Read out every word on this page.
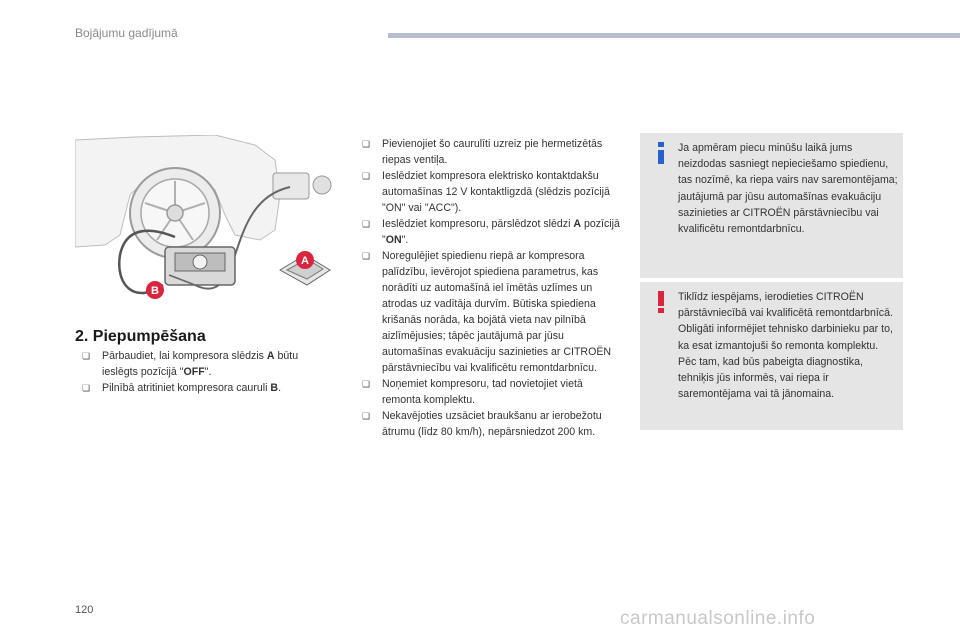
Bojājumu gadījumā
A
B
2. Piepumpēšana
❏ Pārbaudiet, lai kompresora slēdzis A būtu ieslēgts pozīcijā "OFF".
❏ Pilnībā atritiniet kompresora cauruli B.
❏ Pievienojiet šo caurulīti uzreiz pie hermetizētās riepas ventiļa.
❏ Ieslēdziet kompresora elektrisko kontaktdakšu automašīnas 12 V kontaktligzdā (slēdzis pozīcijā "ON" vai "ACC").
❏ Ieslēdziet kompresoru, pārslēdzot slēdzi A pozīcijā "ON".
❏ Noregulējiet spiedienu riepā ar kompresora palīdzību, ievērojot spiediena parametrus, kas norādīti uz automašīnā iel īmētās uzlīmes un atrodas uz vadītāja durvīm. Būtiska spiediena krišanās norāda, ka bojātā vieta nav pilnībā aizlīmējusies; tāpēc jautājumā par jūsu automašīnas evakuāciju sazinieties ar CITROËN pārstāvniecību vai kvalificētu remontdarbnīcu.
❏ Noņemiet kompresoru, tad novietojiet vietā remonta komplektu.
❏ Nekavējoties uzsāciet braukšanu ar ierobežotu ātrumu (līdz 80 km/h), nepārsniedzot 200 km.
Ja apmēram piecu minūšu laikā jums neizdodas sasniegt nepieciešamo spiedienu, tas nozīmē, ka riepa vairs nav saremontējama; jautājumā par jūsu automašīnas evakuāciju sazinieties ar CITROËN pārstāvniecību vai kvalificētu remontdarbnīcu.
Tiklīdz iespējams, ierodieties CITROËN pārstāvniecībā vai kvalificētā remontdarbnīcā.
Obligāti informējiet tehnisko darbinieku par to, ka esat izmantojuši šo remonta komplektu. Pēc tam, kad būs pabeigta diagnostika, tehniķis jūs informēs, vai riepa ir saremontējama vai tā jānomaina.
120	carmanualsonline.info
